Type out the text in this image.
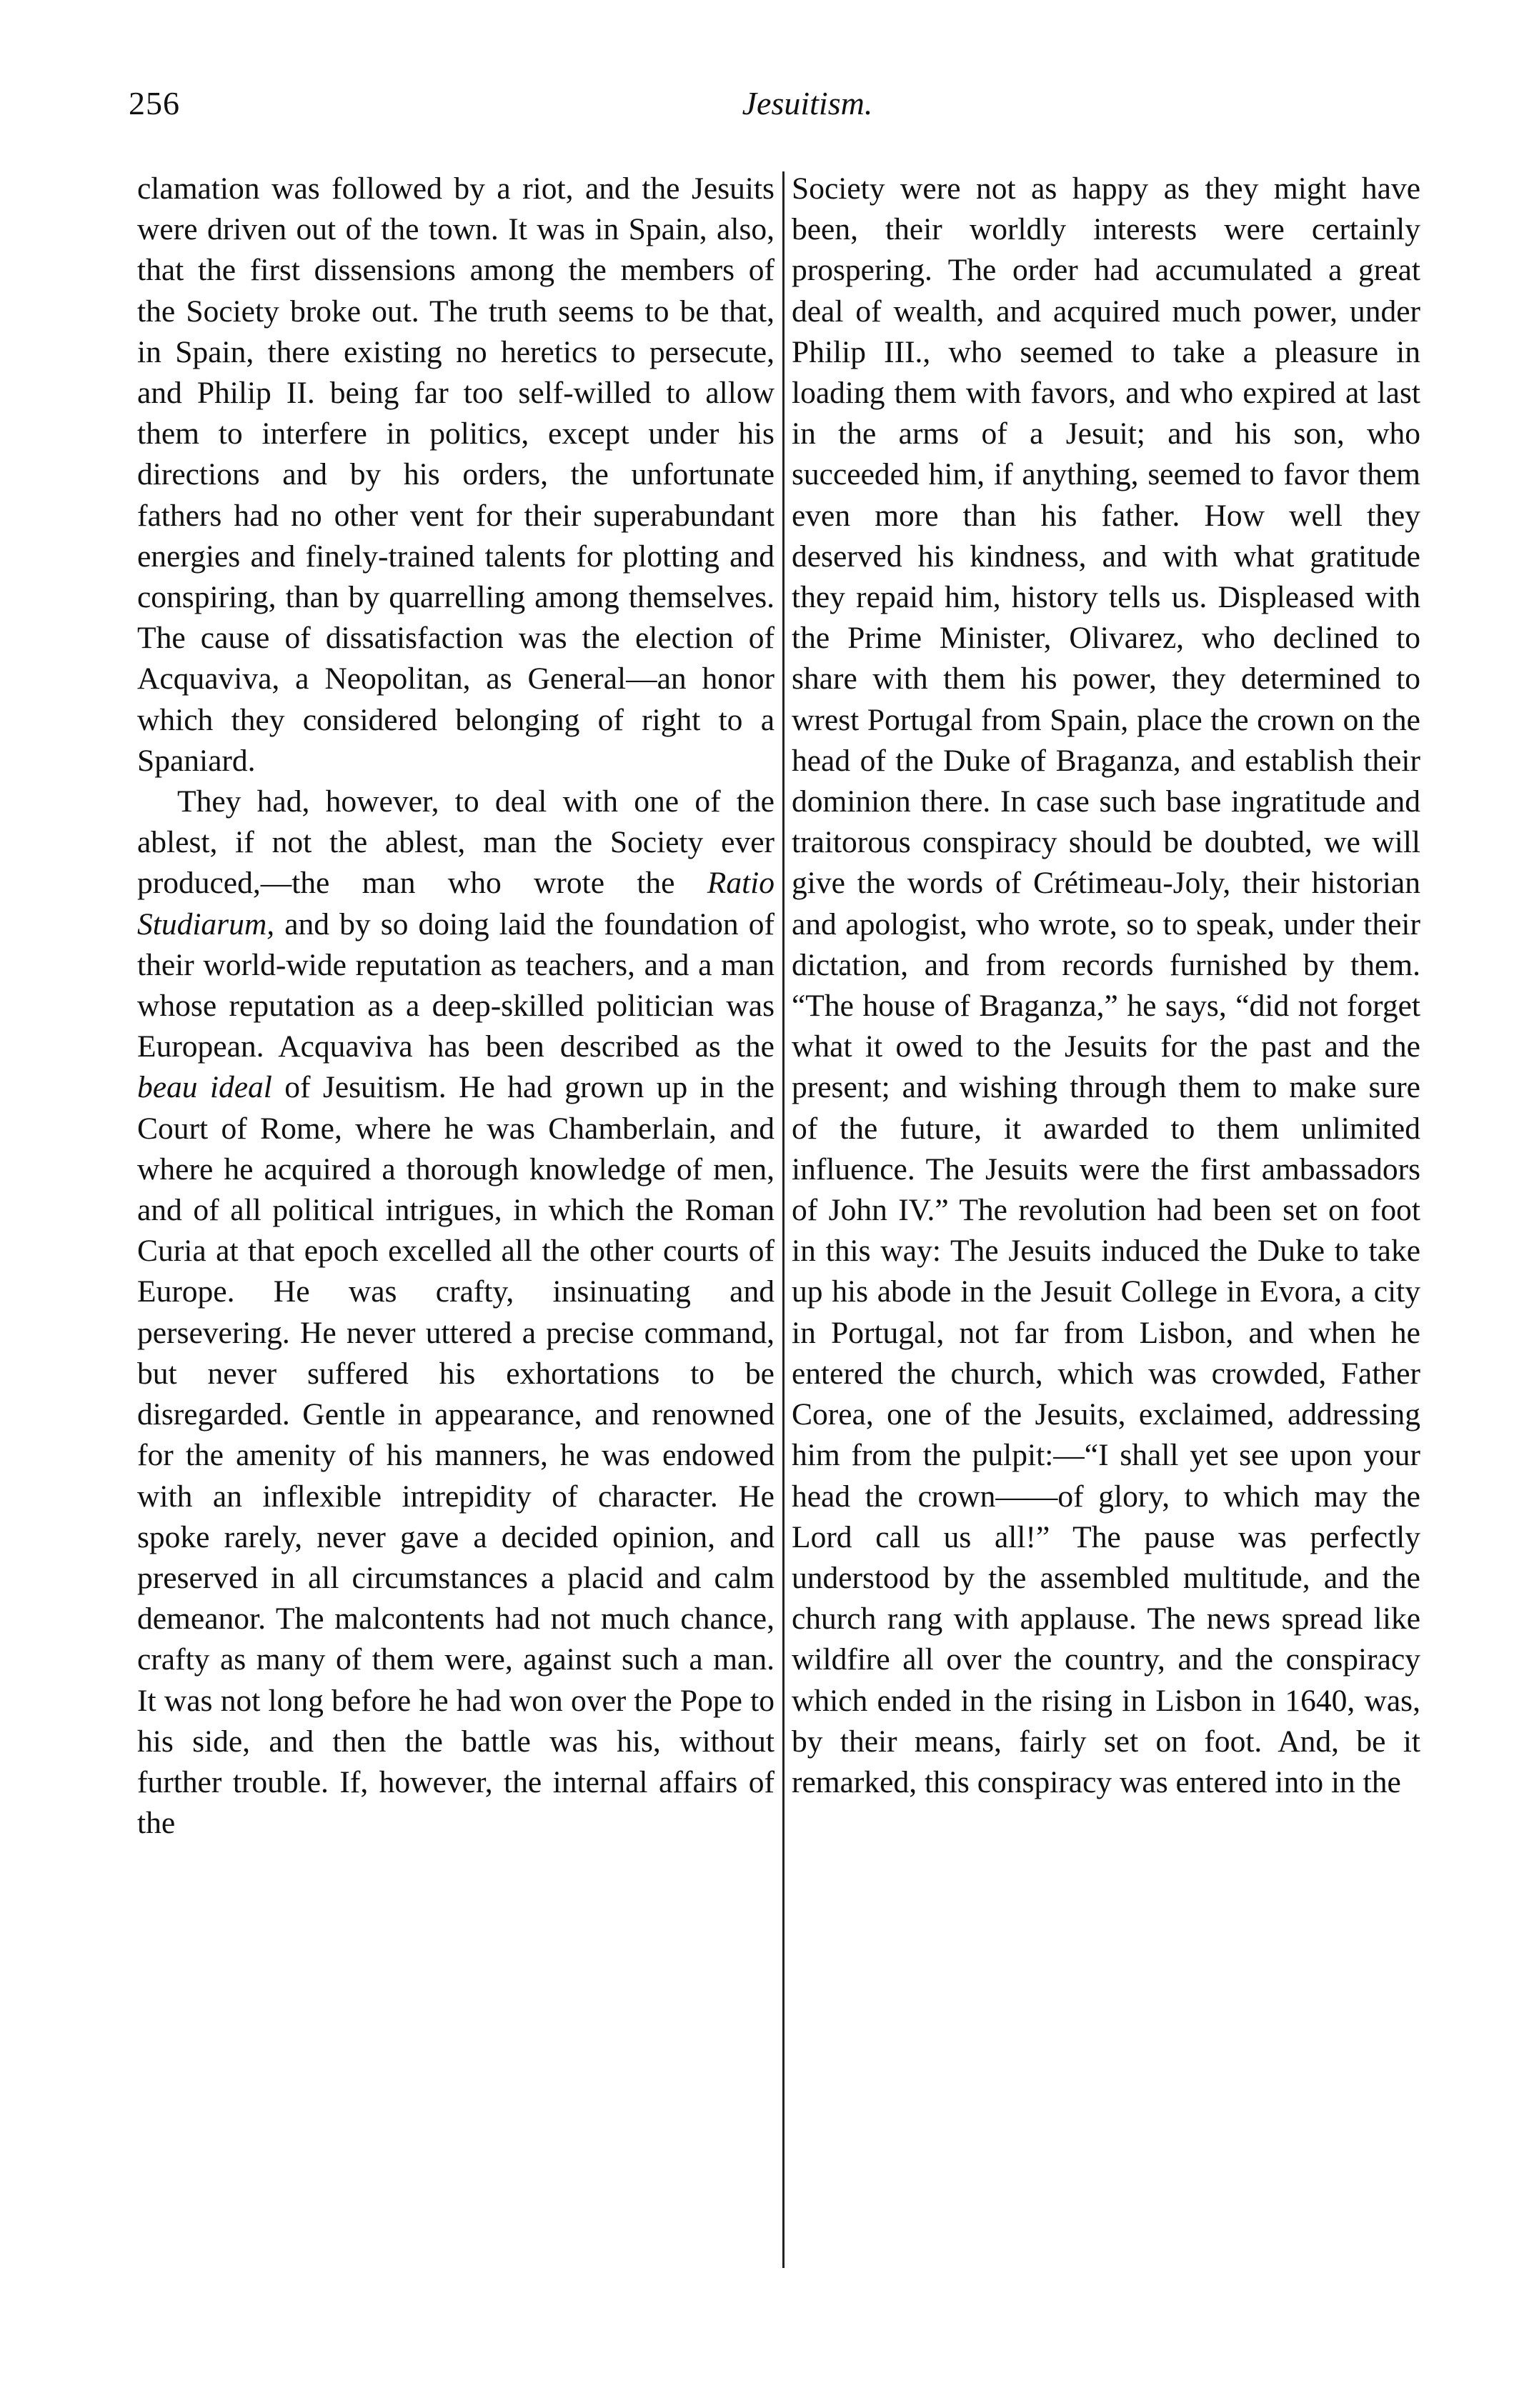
256	Jesuitism.

clamation was followed by a riot, and the Jesuits were driven out of the town. It was in Spain, also, that the first dissensions among the members of the Society broke out. The truth seems to be that, in Spain, there existing no heretics to persecute, and Philip II. being far too self-willed to allow them to interfere in politics, except under his directions and by his orders, the unfortunate fathers had no other vent for their superabundant energies and finely-trained talents for plotting and conspiring, than by quarrelling among themselves. The cause of dissatisfaction was the election of Acquaviva, a Neopolitan, as General—an honor which they considered belonging of right to a Spaniard.

They had, however, to deal with one of the ablest, if not the ablest, man the Society ever produced,—the man who wrote the Ratio Studiarum, and by so doing laid the foundation of their world-wide reputation as teachers, and a man whose reputation as a deep-skilled politician was European. Acquaviva has been described as the beau ideal of Jesuitism. He had grown up in the Court of Rome, where he was Chamberlain, and where he acquired a thorough knowledge of men, and of all political intrigues, in which the Roman Curia at that epoch excelled all the other courts of Europe. He was crafty, insinuating and persevering. He never uttered a precise command, but never suffered his exhortations to be disregarded. Gentle in appearance, and renowned for the amenity of his manners, he was endowed with an inflexible intrepidity of character. He spoke rarely, never gave a decided opinion, and preserved in all circumstances a placid and calm demeanor. The malcontents had not much chance, crafty as many of them were, against such a man. It was not long before he had won over the Pope to his side, and then the battle was his, without further trouble. If, however, the internal affairs of the

Society were not as happy as they might have been, their worldly interests were certainly prospering. The order had accumulated a great deal of wealth, and acquired much power, under Philip III., who seemed to take a pleasure in loading them with favors, and who expired at last in the arms of a Jesuit; and his son, who succeeded him, if anything, seemed to favor them even more than his father. How well they deserved his kindness, and with what gratitude they repaid him, history tells us. Displeased with the Prime Minister, Olivarez, who declined to share with them his power, they determined to wrest Portugal from Spain, place the crown on the head of the Duke of Braganza, and establish their dominion there. In case such base ingratitude and traitorous conspiracy should be doubted, we will give the words of Crétimeau-Joly, their historian and apologist, who wrote, so to speak, under their dictation, and from records furnished by them. “The house of Braganza,” he says, “did not forget what it owed to the Jesuits for the past and the present; and wishing through them to make sure of the future, it awarded to them unlimited influence. The Jesuits were the first ambassadors of John IV.” The revolution had been set on foot in this way: The Jesuits induced the Duke to take up his abode in the Jesuit College in Evora, a city in Portugal, not far from Lisbon, and when he entered the church, which was crowded, Father Corea, one of the Jesuits, exclaimed, addressing him from the pulpit:—“I shall yet see upon your head the crown——of glory, to which may the Lord call us all!” The pause was perfectly understood by the assembled multitude, and the church rang with applause. The news spread like wildfire all over the country, and the conspiracy which ended in the rising in Lisbon in 1640, was, by their means, fairly set on foot. And, be it remarked, this conspiracy was entered into in the
